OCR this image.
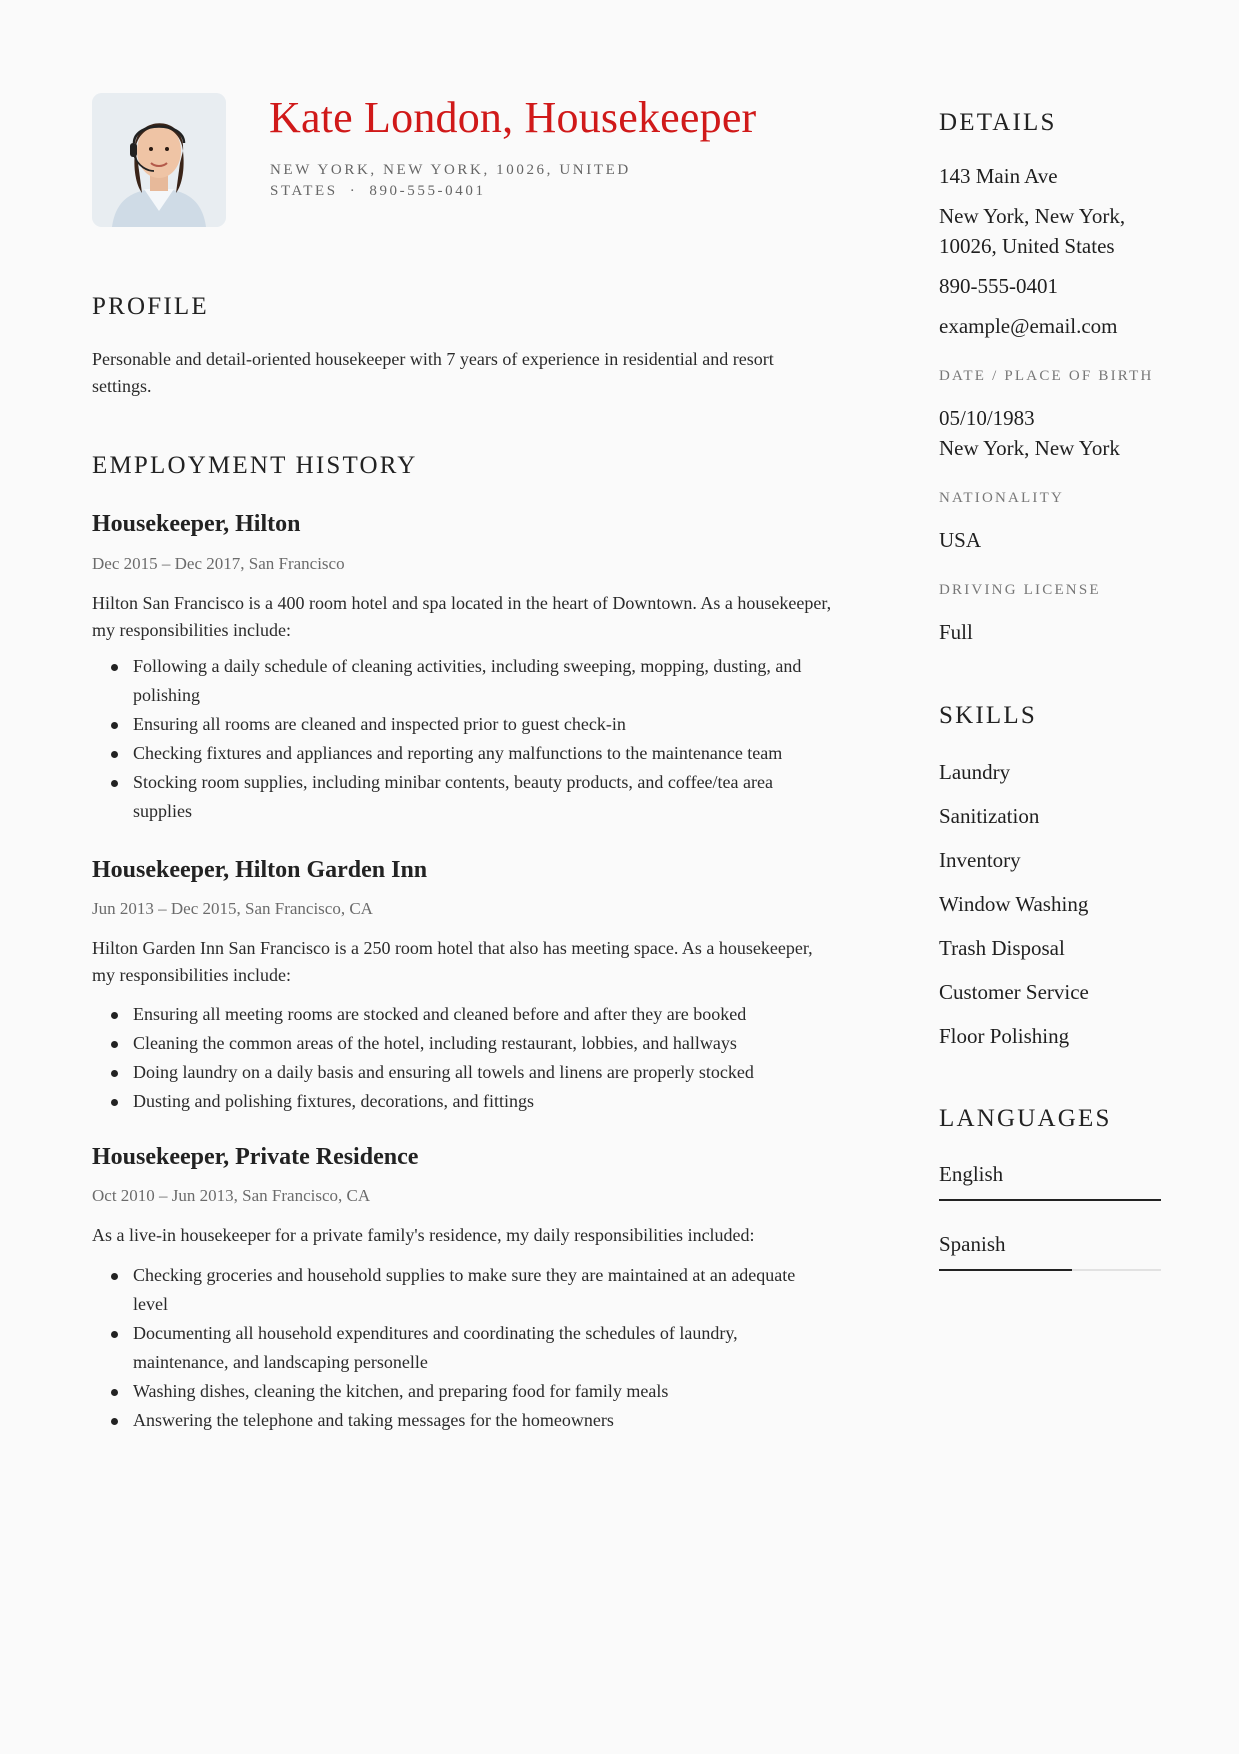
Kate London, Housekeeper
NEW YORK, NEW YORK, 10026, UNITED STATES · 890-555-0401
PROFILE

Personable and detail-oriented housekeeper with 7 years of experience in residential and resort settings.

EMPLOYMENT HISTORY
Housekeeper, Hilton

Dec 2015 – Dec 2017, San Francisco

Hilton San Francisco is a 400 room hotel and spa located in the heart of Downtown. As a housekeeper, my responsibilities include:

Following a daily schedule of cleaning activities, including sweeping, mopping, dusting, and polishing
Ensuring all rooms are cleaned and inspected prior to guest check-in
Checking fixtures and appliances and reporting any malfunctions to the maintenance team
Stocking room supplies, including minibar contents, beauty products, and coffee/tea area supplies
Housekeeper, Hilton Garden Inn

Jun 2013 – Dec 2015, San Francisco, CA

Hilton Garden Inn San Francisco is a 250 room hotel that also has meeting space. As a housekeeper, my responsibilities include:

Ensuring all meeting rooms are stocked and cleaned before and after they are booked
Cleaning the common areas of the hotel, including restaurant, lobbies, and hallways
Doing laundry on a daily basis and ensuring all towels and linens are properly stocked
Dusting and polishing fixtures, decorations, and fittings
Housekeeper, Private Residence

Oct 2010 – Jun 2013, San Francisco, CA

As a live-in housekeeper for a private family's residence, my daily responsibilities included:

Checking groceries and household supplies to make sure they are maintained at an adequate level
Documenting all household expenditures and coordinating the schedules of laundry, maintenance, and landscaping personelle
Washing dishes, cleaning the kitchen, and preparing food for family meals
Answering the telephone and taking messages for the homeowners
DETAILS

143 Main Ave

New York, New York, 10026, United States

890-555-0401

example@email.com

DATE / PLACE OF BIRTH

05/10/1983

New York, New York

NATIONALITY

USA

DRIVING LICENSE

Full

SKILLS
Laundry
Sanitization
Inventory
Window Washing
Trash Disposal
Customer Service
Floor Polishing
LANGUAGES
English
Spanish
